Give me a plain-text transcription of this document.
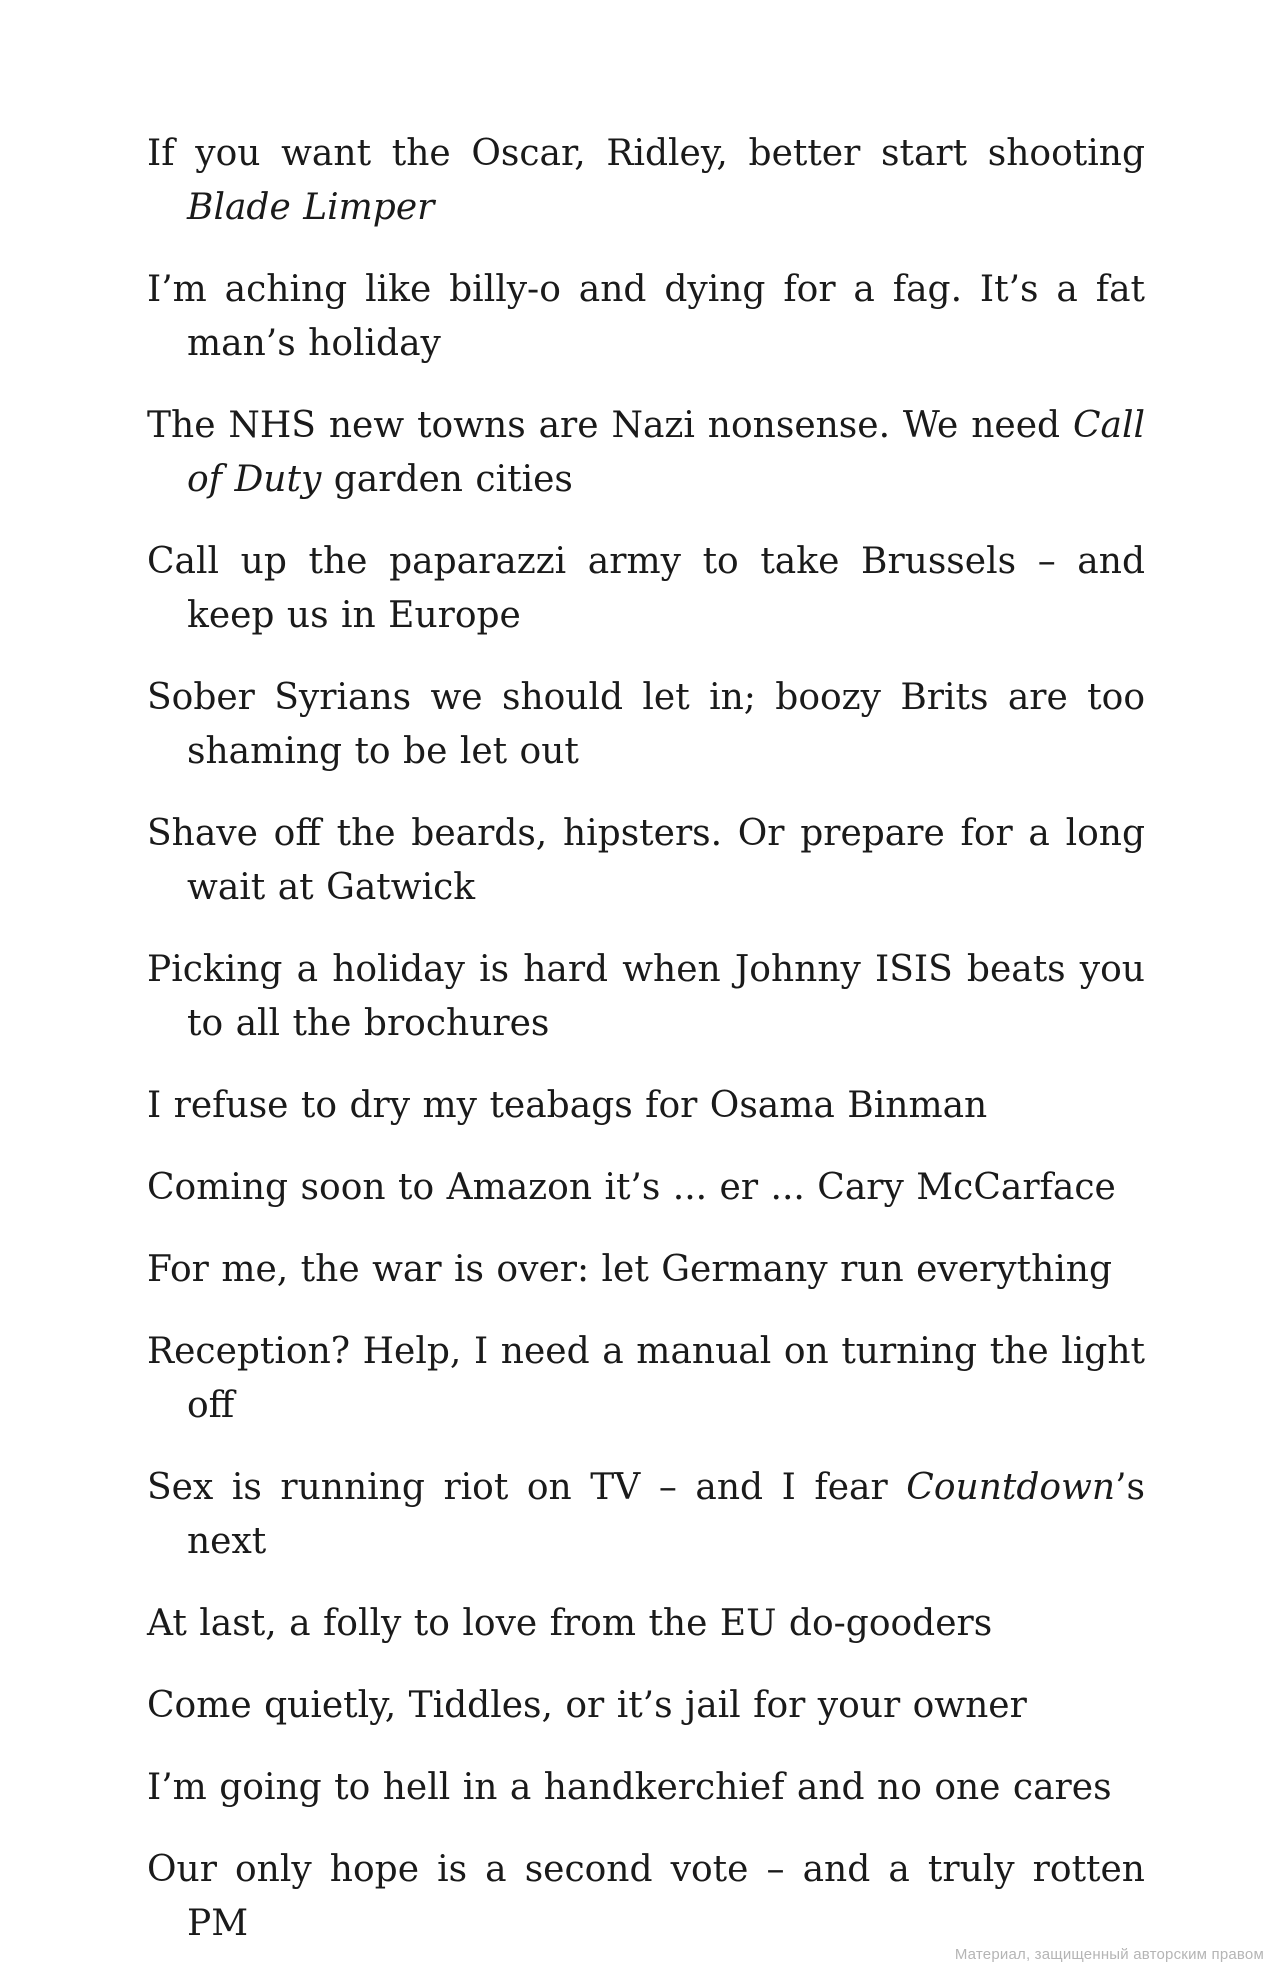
If you want the Oscar, Ridley, better start shooting Blade Limper

I’m aching like billy-o and dying for a fag. It’s a fat man’s holiday

The NHS new towns are Nazi nonsense. We need Call of Duty garden cities

Call up the paparazzi army to take Brussels – and keep us in Europe

Sober Syrians we should let in; boozy Brits are too shaming to be let out

Shave off the beards, hipsters. Or prepare for a long wait at Gatwick

Picking a holiday is hard when Johnny ISIS beats you to all the brochures

I refuse to dry my teabags for Osama Binman

Coming soon to Amazon it’s ... er ... Cary McCarface

For me, the war is over: let Germany run everything

Reception? Help, I need a manual on turning the light off

Sex is running riot on TV – and I fear Countdown’s next

At last, a folly to love from the EU do-gooders

Come quietly, Tiddles, or it’s jail for your owner

I’m going to hell in a handkerchief and no one cares

Our only hope is a second vote – and a truly rotten PM

Материал, защищенный авторским правом
